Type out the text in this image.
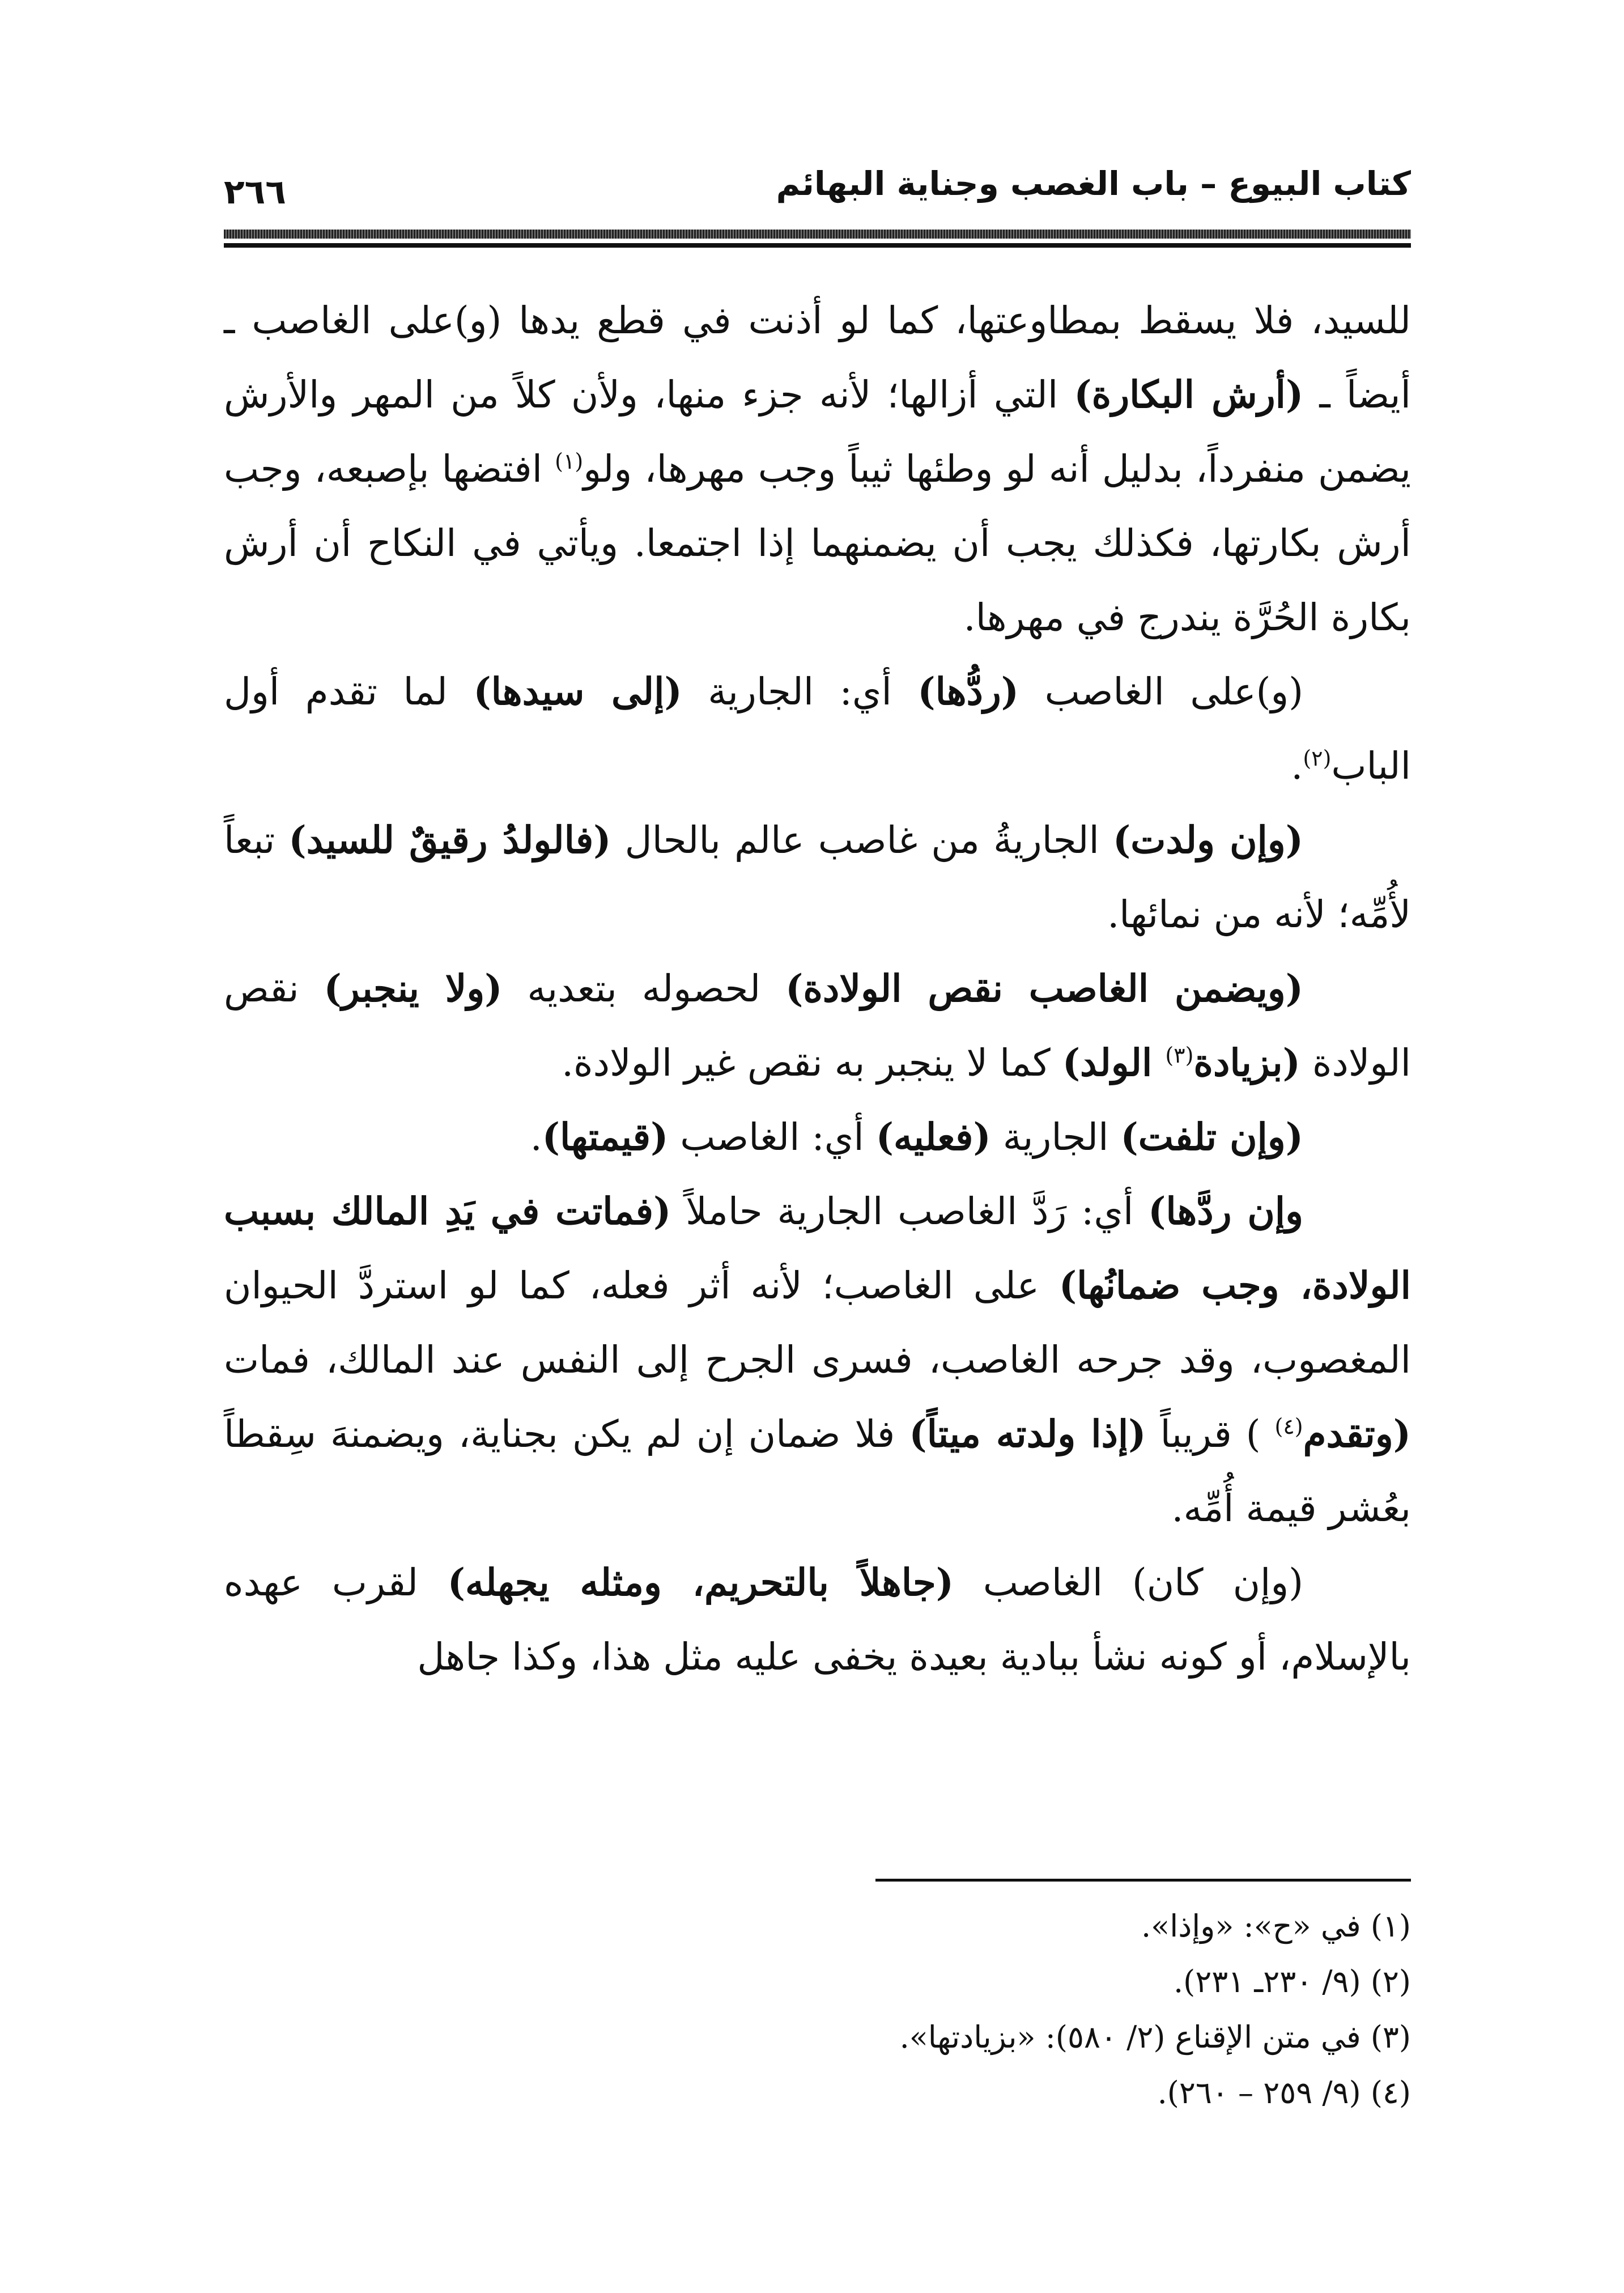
كتاب البيوع – باب الغصب وجناية البهائم
٢٦٦

للسيد، فلا يسقط بمطاوعتها، كما لو أذنت في قطع يدها (و)على الغاصب ـ أيضاً ـ (أرش البكارة) التي أزالها؛ لأنه جزء منها، ولأن كلاً من المهر والأرش يضمن منفرداً، بدليل أنه لو وطئها ثيباً وجب مهرها، ولو$^{(١)}$ افتضها بإصبعه، وجب أرش بكارتها، فكذلك يجب أن يضمنهما إذا اجتمعا. ويأتي في النكاح أن أرش بكارة الحُرَّة يندرج في مهرها.

(و)على الغاصب (ردُّها) أي: الجارية (إلى سيدها) لما تقدم أول الباب$^{(٢)}$.

(وإن ولدت) الجاريةُ من غاصب عالم بالحال (فالولدُ رقيقٌ للسيد) تبعاً لأُمِّه؛ لأنه من نمائها.

(ويضمن الغاصب نقص الولادة) لحصوله بتعديه (ولا ينجبر) نقص الولادة (بزيادة$^{(٣)}$ الولد) كما لا ينجبر به نقص غير الولادة.

(وإن تلفت) الجارية (فعليه) أي: الغاصب (قيمتها).

وإن ردَّها) أي: رَدَّ الغاصب الجارية حاملاً (فماتت في يَدِ المالك بسبب الولادة، وجب ضمانُها) على الغاصب؛ لأنه أثر فعله، كما لو استردَّ الحيوان المغصوب، وقد جرحه الغاصب، فسرى الجرح إلى النفس عند المالك، فمات (وتقدم$^{(٤)}$ ) قريباً (إذا ولدته ميتاً) فلا ضمان إن لم يكن بجناية، ويضمنهَ سِقطاً بعُشر قيمة أُمِّه.

(وإن كان) الغاصب (جاهلاً بالتحريم، ومثله يجهله) لقرب عهده بالإسلام، أو كونه نشأ ببادية بعيدة يخفى عليه مثل هذا، وكذا جاهل

(١) في «ح»: «وإذا».

(٢) (٩/ ٢٣٠ـ ٢٣١).

(٣) في متن الإقناع (٢/ ٥٨٠): «بزيادتها».

(٤) (٩/ ٢٥٩ – ٢٦٠).
